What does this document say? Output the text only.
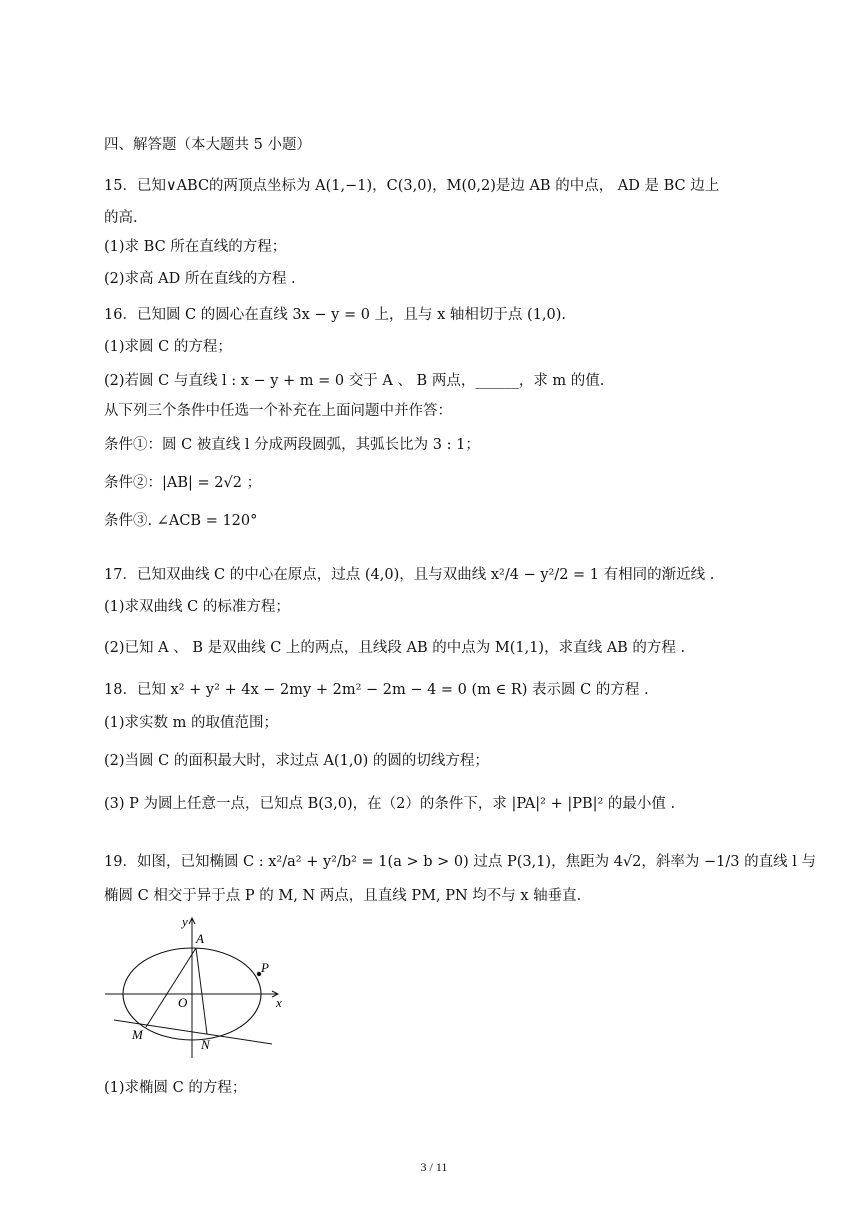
四、解答题（本大题共 5 小题）
15．已知∨ABC的两顶点坐标为 A(1,−1)，C(3,0)，M(0,2)是边 AB 的中点， AD 是 BC 边上
的高.
(1)求 BC 所在直线的方程；
(2)求高 AD 所在直线的方程 .
16．已知圆 C 的圆心在直线 3x − y = 0 上，且与 x 轴相切于点 (1,0).
(1)求圆 C 的方程；
(2)若圆 C 与直线 l : x − y + m = 0 交于 A 、 B 两点，______，求 m 的值.
从下列三个条件中任选一个补充在上面问题中并作答：
条件①：圆 C 被直线 l 分成两段圆弧，其弧长比为 3 : 1；
条件②：|AB| = 2√2 ；
条件③. ∠ACB = 120°
17．已知双曲线 C 的中心在原点，过点 (4,0)，且与双曲线 x²/4 − y²/2 = 1 有相同的渐近线 .
(1)求双曲线 C 的标准方程；
(2)已知 A 、 B 是双曲线 C 上的两点，且线段 AB 的中点为 M(1,1)，求直线 AB 的方程 .
18．已知 x² + y² + 4x − 2my + 2m² − 2m − 4 = 0 (m ∈ R) 表示圆 C 的方程 .
(1)求实数 m 的取值范围；
(2)当圆 C 的面积最大时，求过点 A(1,0) 的圆的切线方程；
(3) P 为圆上任意一点，已知点 B(3,0)，在（2）的条件下，求 |PA|² + |PB|² 的最小值 .
19．如图，已知椭圆 C : x²/a² + y²/b² = 1(a > b > 0) 过点 P(3,1)，焦距为 4√2，斜率为 −1/3 的直线 l 与
椭圆 C 相交于异于点 P 的 M, N 两点，且直线 PM, PN 均不与 x 轴垂直.
y
A
P
x
O
M
N
(1)求椭圆 C 的方程；
3 / 11
